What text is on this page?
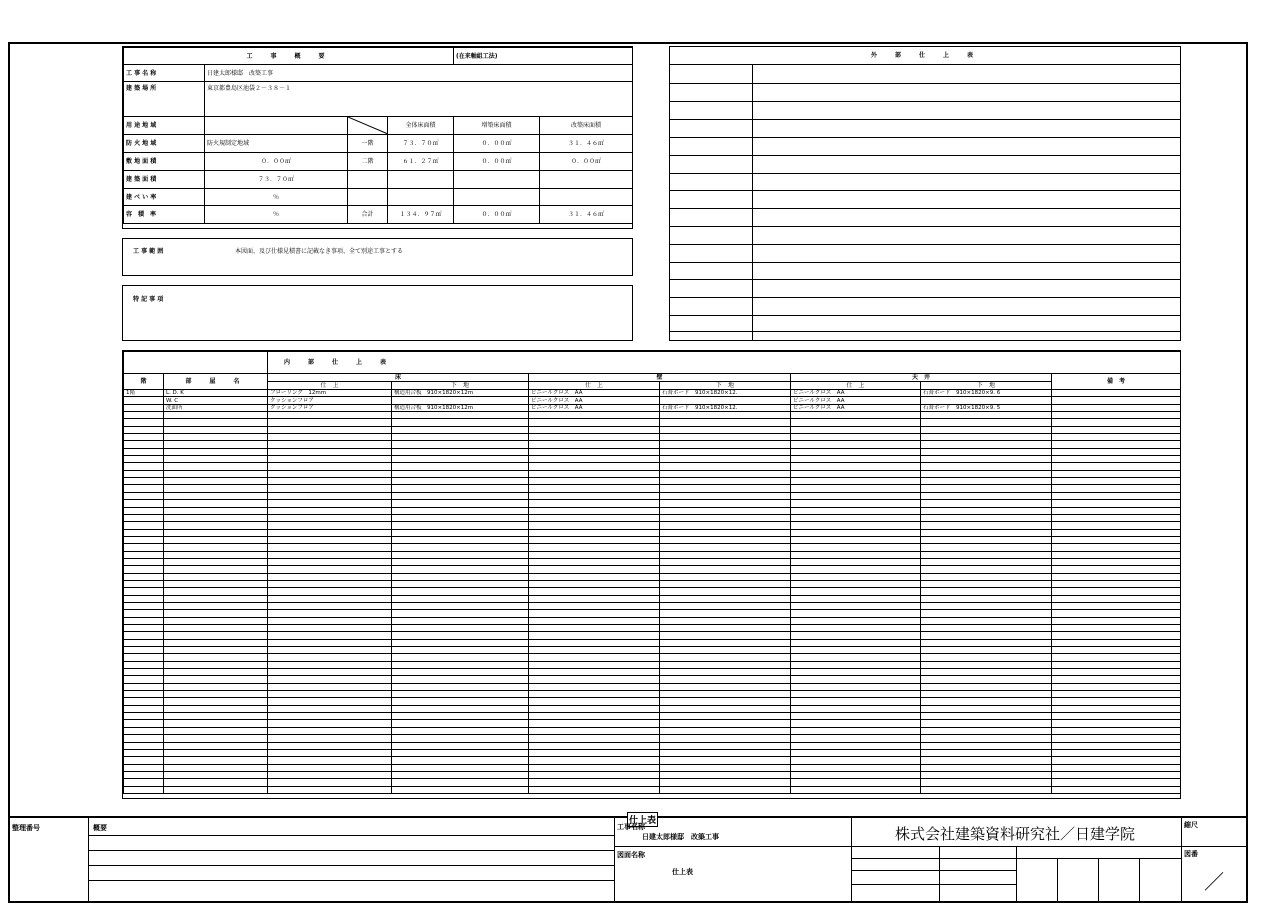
工　事　概　要				(在来軸組工法)	
工 事 名 称	日建太郎様邸　改築工事				
建 築 場 所	東京都豊島区池袋２－３８－１				
用 途 地 域			全体床面積	増築床面積	改築床面積
防 火 地 域	防火規制定地域	一階	７３．７０㎡	０．００㎡	３１．４６㎡
敷 地 面 積	０．００㎡	二階	６１．２７㎡	０．００㎡	０．００㎡
建 築 面 積	７３．７０㎡				
建 ぺ い 率	％				
容　積　率	％	合計	１３４．９７㎡	０．００㎡	３１．４６㎡
工 事 範 囲	本図面、及び仕様見積書に記載なき事項、全て別途工事とする
特 記 事 項
外　部　仕　上　表
		内　部　仕　上　表						
階	部　屋　名	床		壁		天　井		備　考
		仕　上	下　地	仕　上	下　地	仕　上	下　地	
1階	L. D. K	フローリング　12mm	構造用合板　910×1820×12m	ビニールクロス　AA	石膏ボード　910×1820×12.	ビニールクロス　AA	石膏ボード　910×1820×9. 6	
	W. C	クッションフロア		ビニールクロス　AA		ビニールクロス　AA		
	洗面所	クッションフロア	構造用合板　910×1820×12m	ビニールクロス　AA	石膏ボード　910×1820×12.	ビニールクロス　AA	石膏ボード　910×1820×9. 5	

整理番号	概要
仕上表
工事名称
日建太郎様邸　改築工事
図面名称
仕上表
株式会社建築資料研究社／日建学院	縮尺
図番
／
